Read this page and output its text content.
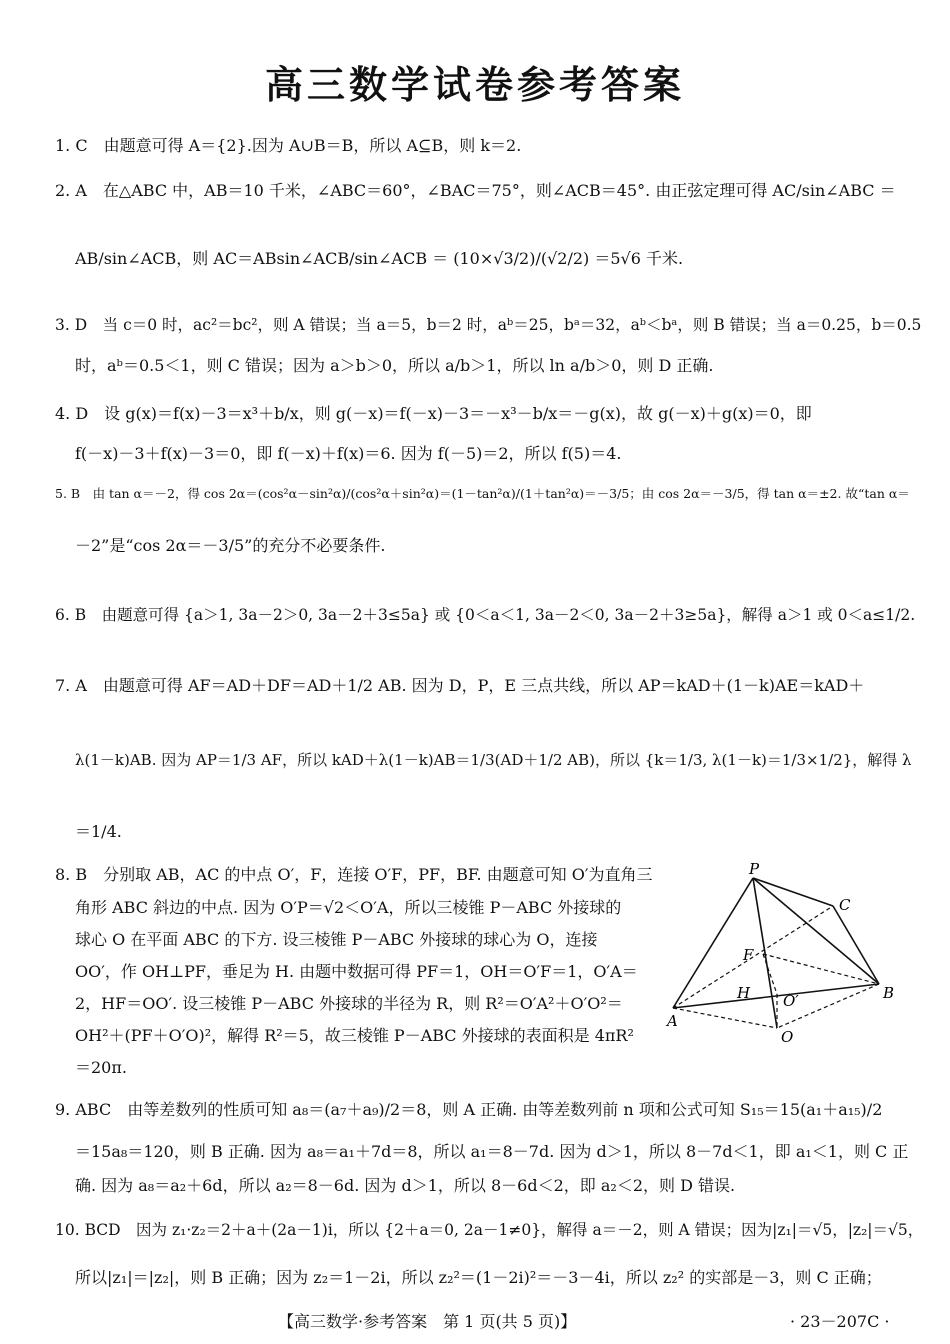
高三数学试卷参考答案
1. C　由题意可得 A＝{2}.因为 A∪B＝B，所以 A⊆B，则 k＝2.
2. A　在△ABC 中，AB＝10 千米，∠ABC＝60°，∠BAC＝75°，则∠ACB＝45°. 由正弦定理可得 AC/sin∠ABC ＝
AB/sin∠ACB，则 AC＝ABsin∠ACB/sin∠ACB ＝ (10×√3/2)/(√2/2) ＝5√6 千米.
3. D　当 c＝0 时，ac²＝bc²，则 A 错误；当 a＝5，b＝2 时，aᵇ＝25，bᵃ＝32，aᵇ＜bᵃ，则 B 错误；当 a＝0.25，b＝0.5
时，aᵇ＝0.5＜1，则 C 错误；因为 a＞b＞0，所以 a/b＞1，所以 ln a/b＞0，则 D 正确.
4. D　设 g(x)＝f(x)－3＝x³＋b/x，则 g(－x)＝f(－x)－3＝－x³－b/x＝－g(x)，故 g(－x)＋g(x)＝0，即
f(－x)－3＋f(x)－3＝0，即 f(－x)＋f(x)＝6. 因为 f(－5)＝2，所以 f(5)＝4.
5. B　由 tan α＝－2，得 cos 2α＝(cos²α－sin²α)/(cos²α＋sin²α)＝(1－tan²α)/(1＋tan²α)＝－3/5；由 cos 2α＝－3/5，得 tan α＝±2. 故“tan α＝
－2”是“cos 2α＝－3/5”的充分不必要条件.
6. B　由题意可得 {a＞1, 3a－2＞0, 3a－2＋3≤5a} 或 {0＜a＜1, 3a－2＜0, 3a－2＋3≥5a}，解得 a＞1 或 0＜a≤1/2.
7. A　由题意可得 AF＝AD＋DF＝AD＋1/2 AB. 因为 D，P，E 三点共线，所以 AP＝kAD＋(1－k)AE＝kAD＋
λ(1－k)AB. 因为 AP＝1/3 AF，所以 kAD＋λ(1－k)AB＝1/3(AD＋1/2 AB)，所以 {k＝1/3, λ(1－k)＝1/3×1/2}，解得 λ
＝1/4.
8. B　分别取 AB，AC 的中点 O′，F，连接 O′F，PF，BF. 由题意可知 O′为直角三
角形 ABC 斜边的中点. 因为 O′P＝√2＜O′A，所以三棱锥 P－ABC 外接球的
球心 O 在平面 ABC 的下方. 设三棱锥 P－ABC 外接球的球心为 O，连接
OO′，作 OH⊥PF，垂足为 H. 由题中数据可得 PF＝1，OH＝O′F＝1，O′A＝
2，HF＝OO′. 设三棱锥 P－ABC 外接球的半径为 R，则 R²＝O′A²＋O′O²＝
OH²＋(PF＋O′O)²，解得 R²＝5，故三棱锥 P－ABC 外接球的表面积是 4πR²
＝20π.
P
C
F
H O′	B
A
O
9. ABC　由等差数列的性质可知 a₈＝(a₇＋a₉)/2＝8，则 A 正确. 由等差数列前 n 项和公式可知 S₁₅＝15(a₁＋a₁₅)/2
＝15a₈＝120，则 B 正确. 因为 a₈＝a₁＋7d＝8，所以 a₁＝8－7d. 因为 d＞1，所以 8－7d＜1，即 a₁＜1，则 C 正
确. 因为 a₈＝a₂＋6d，所以 a₂＝8－6d. 因为 d＞1，所以 8－6d＜2，即 a₂＜2，则 D 错误.
10. BCD　因为 z₁·z₂＝2＋a＋(2a－1)i，所以 {2＋a＝0, 2a－1≠0}，解得 a＝－2，则 A 错误；因为|z₁|＝√5，|z₂|＝√5，
所以|z₁|＝|z₂|，则 B 正确；因为 z₂＝1－2i，所以 z₂²＝(1－2i)²＝－3－4i，所以 z₂² 的实部是－3，则 C 正确；
【高三数学·参考答案　第 1 页(共 5 页)】	· 23－207C ·
